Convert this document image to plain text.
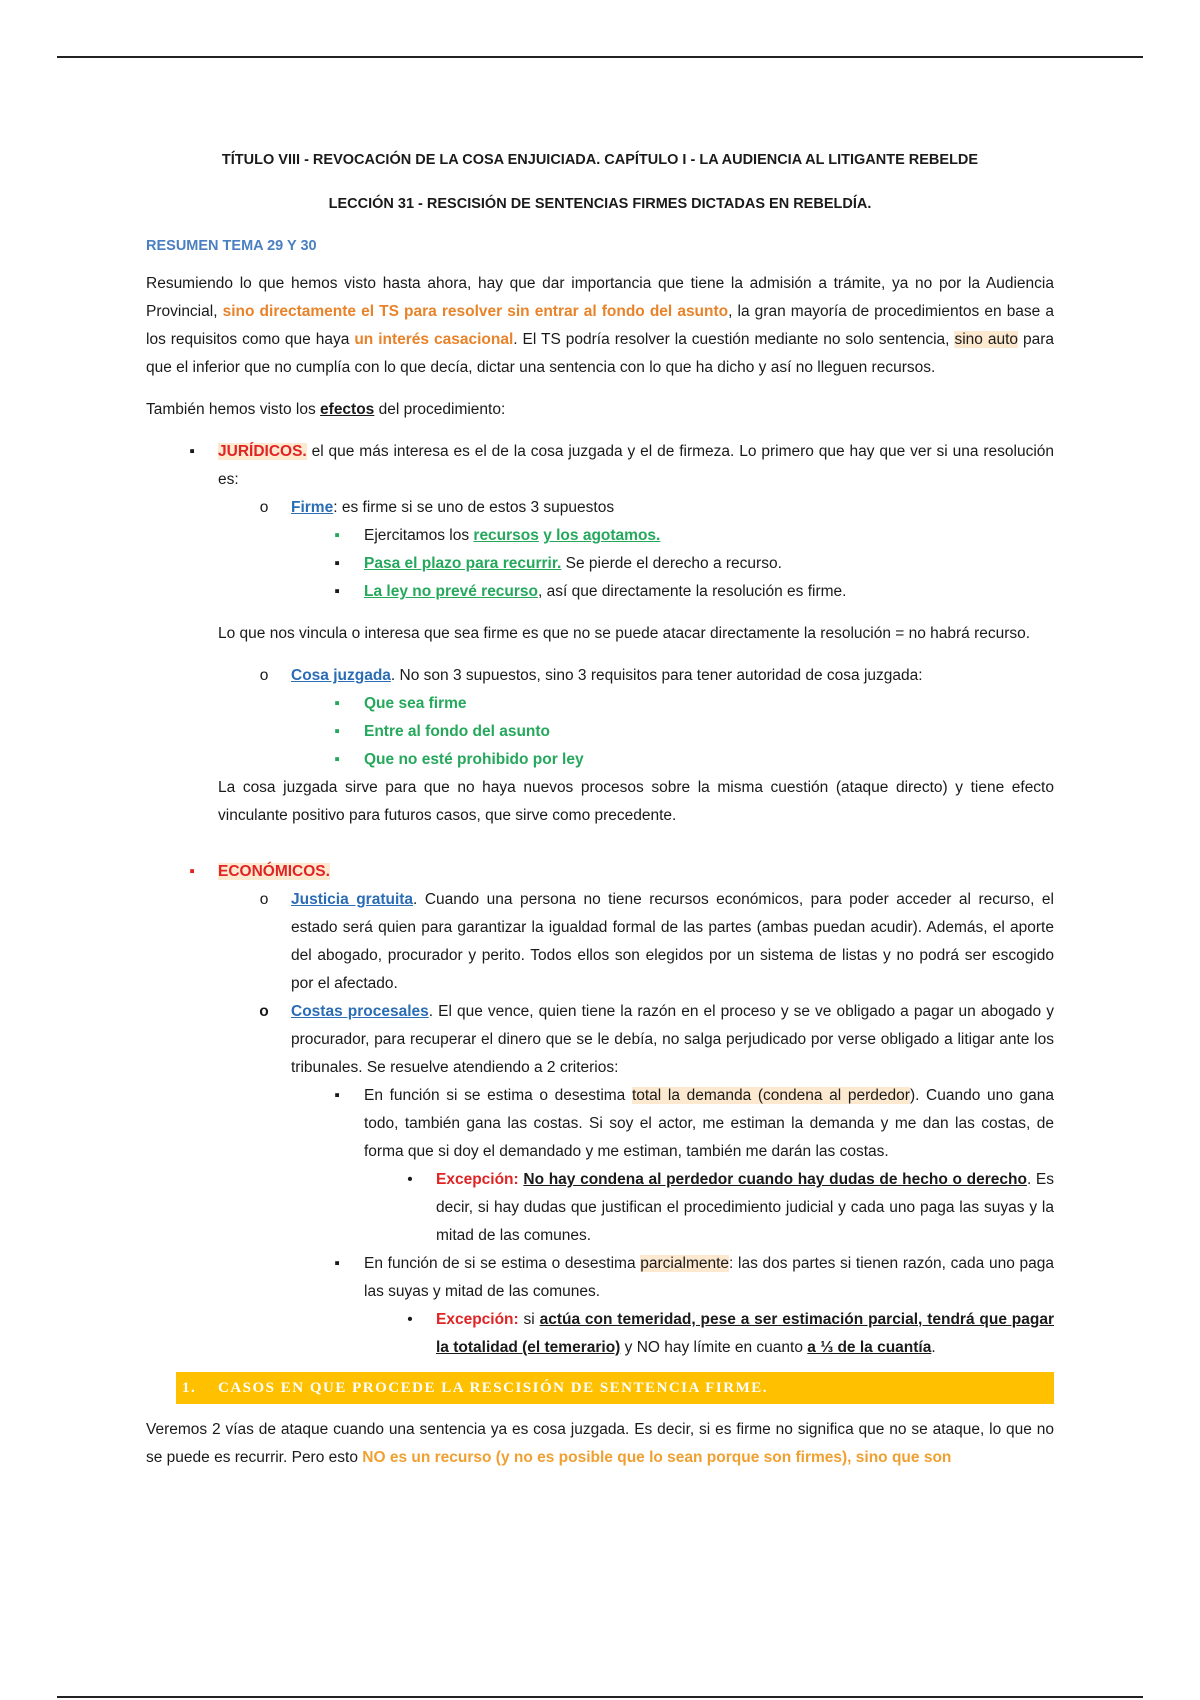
TÍTULO VIII - REVOCACIÓN DE LA COSA ENJUICIADA. CAPÍTULO I - LA AUDIENCIA AL LITIGANTE REBELDE

LECCIÓN 31 - RESCISIÓN DE SENTENCIAS FIRMES DICTADAS EN REBELDÍA.

RESUMEN TEMA 29 Y 30

Resumiendo lo que hemos visto hasta ahora, hay que dar importancia que tiene la admisión a trámite, ya no por la Audiencia Provincial, sino directamente el TS para resolver sin entrar al fondo del asunto, la gran mayoría de procedimientos en base a los requisitos como que haya un interés casacional. El TS podría resolver la cuestión mediante no solo sentencia, sino auto para que el inferior que no cumplía con lo que decía, dictar una sentencia con lo que ha dicho y así no lleguen recursos.

También hemos visto los efectos del procedimiento:

▪	JURÍDICOS. el que más interesa es el de la cosa juzgada y el de firmeza. Lo primero que hay que ver si una resolución es:
o	Firme: es firme si se uno de estos 3 supuestos
▪	Ejercitamos los recursos y los agotamos.
▪	Pasa el plazo para recurrir. Se pierde el derecho a recurso.
▪	La ley no prevé recurso, así que directamente la resolución es firme.

Lo que nos vincula o interesa que sea firme es que no se puede atacar directamente la resolución = no habrá recurso.

o	Cosa juzgada. No son 3 supuestos, sino 3 requisitos para tener autoridad de cosa juzgada:
▪	Que sea firme
▪	Entre al fondo del asunto
▪	Que no esté prohibido por ley

La cosa juzgada sirve para que no haya nuevos procesos sobre la misma cuestión (ataque directo) y tiene efecto vinculante positivo para futuros casos, que sirve como precedente.

▪	ECONÓMICOS.
o	Justicia gratuita. Cuando una persona no tiene recursos económicos, para poder acceder al recurso, el estado será quien para garantizar la igualdad formal de las partes (ambas puedan acudir). Además, el aporte del abogado, procurador y perito. Todos ellos son elegidos por un sistema de listas y no podrá ser escogido por el afectado.
o	Costas procesales. El que vence, quien tiene la razón en el proceso y se ve obligado a pagar un abogado y procurador, para recuperar el dinero que se le debía, no salga perjudicado por verse obligado a litigar ante los tribunales. Se resuelve atendiendo a 2 criterios:
▪	En función si se estima o desestima total la demanda (condena al perdedor). Cuando uno gana todo, también gana las costas. Si soy el actor, me estiman la demanda y me dan las costas, de forma que si doy el demandado y me estiman, también me darán las costas.
•	Excepción: No hay condena al perdedor cuando hay dudas de hecho o derecho. Es decir, si hay dudas que justifican el procedimiento judicial y cada uno paga las suyas y la mitad de las comunes.
▪	En función de si se estima o desestima parcialmente: las dos partes si tienen razón, cada uno paga las suyas y mitad de las comunes.
•	Excepción: si actúa con temeridad, pese a ser estimación parcial, tendrá que pagar la totalidad (el temerario) y NO hay límite en cuanto a ⅓ de la cuantía.
1. CASOS EN QUE PROCEDE LA RESCISIÓN DE SENTENCIA FIRME.

Veremos 2 vías de ataque cuando una sentencia ya es cosa juzgada. Es decir, si es firme no significa que no se ataque, lo que no se puede es recurrir. Pero esto NO es un recurso (y no es posible que lo sean porque son firmes), sino que son
